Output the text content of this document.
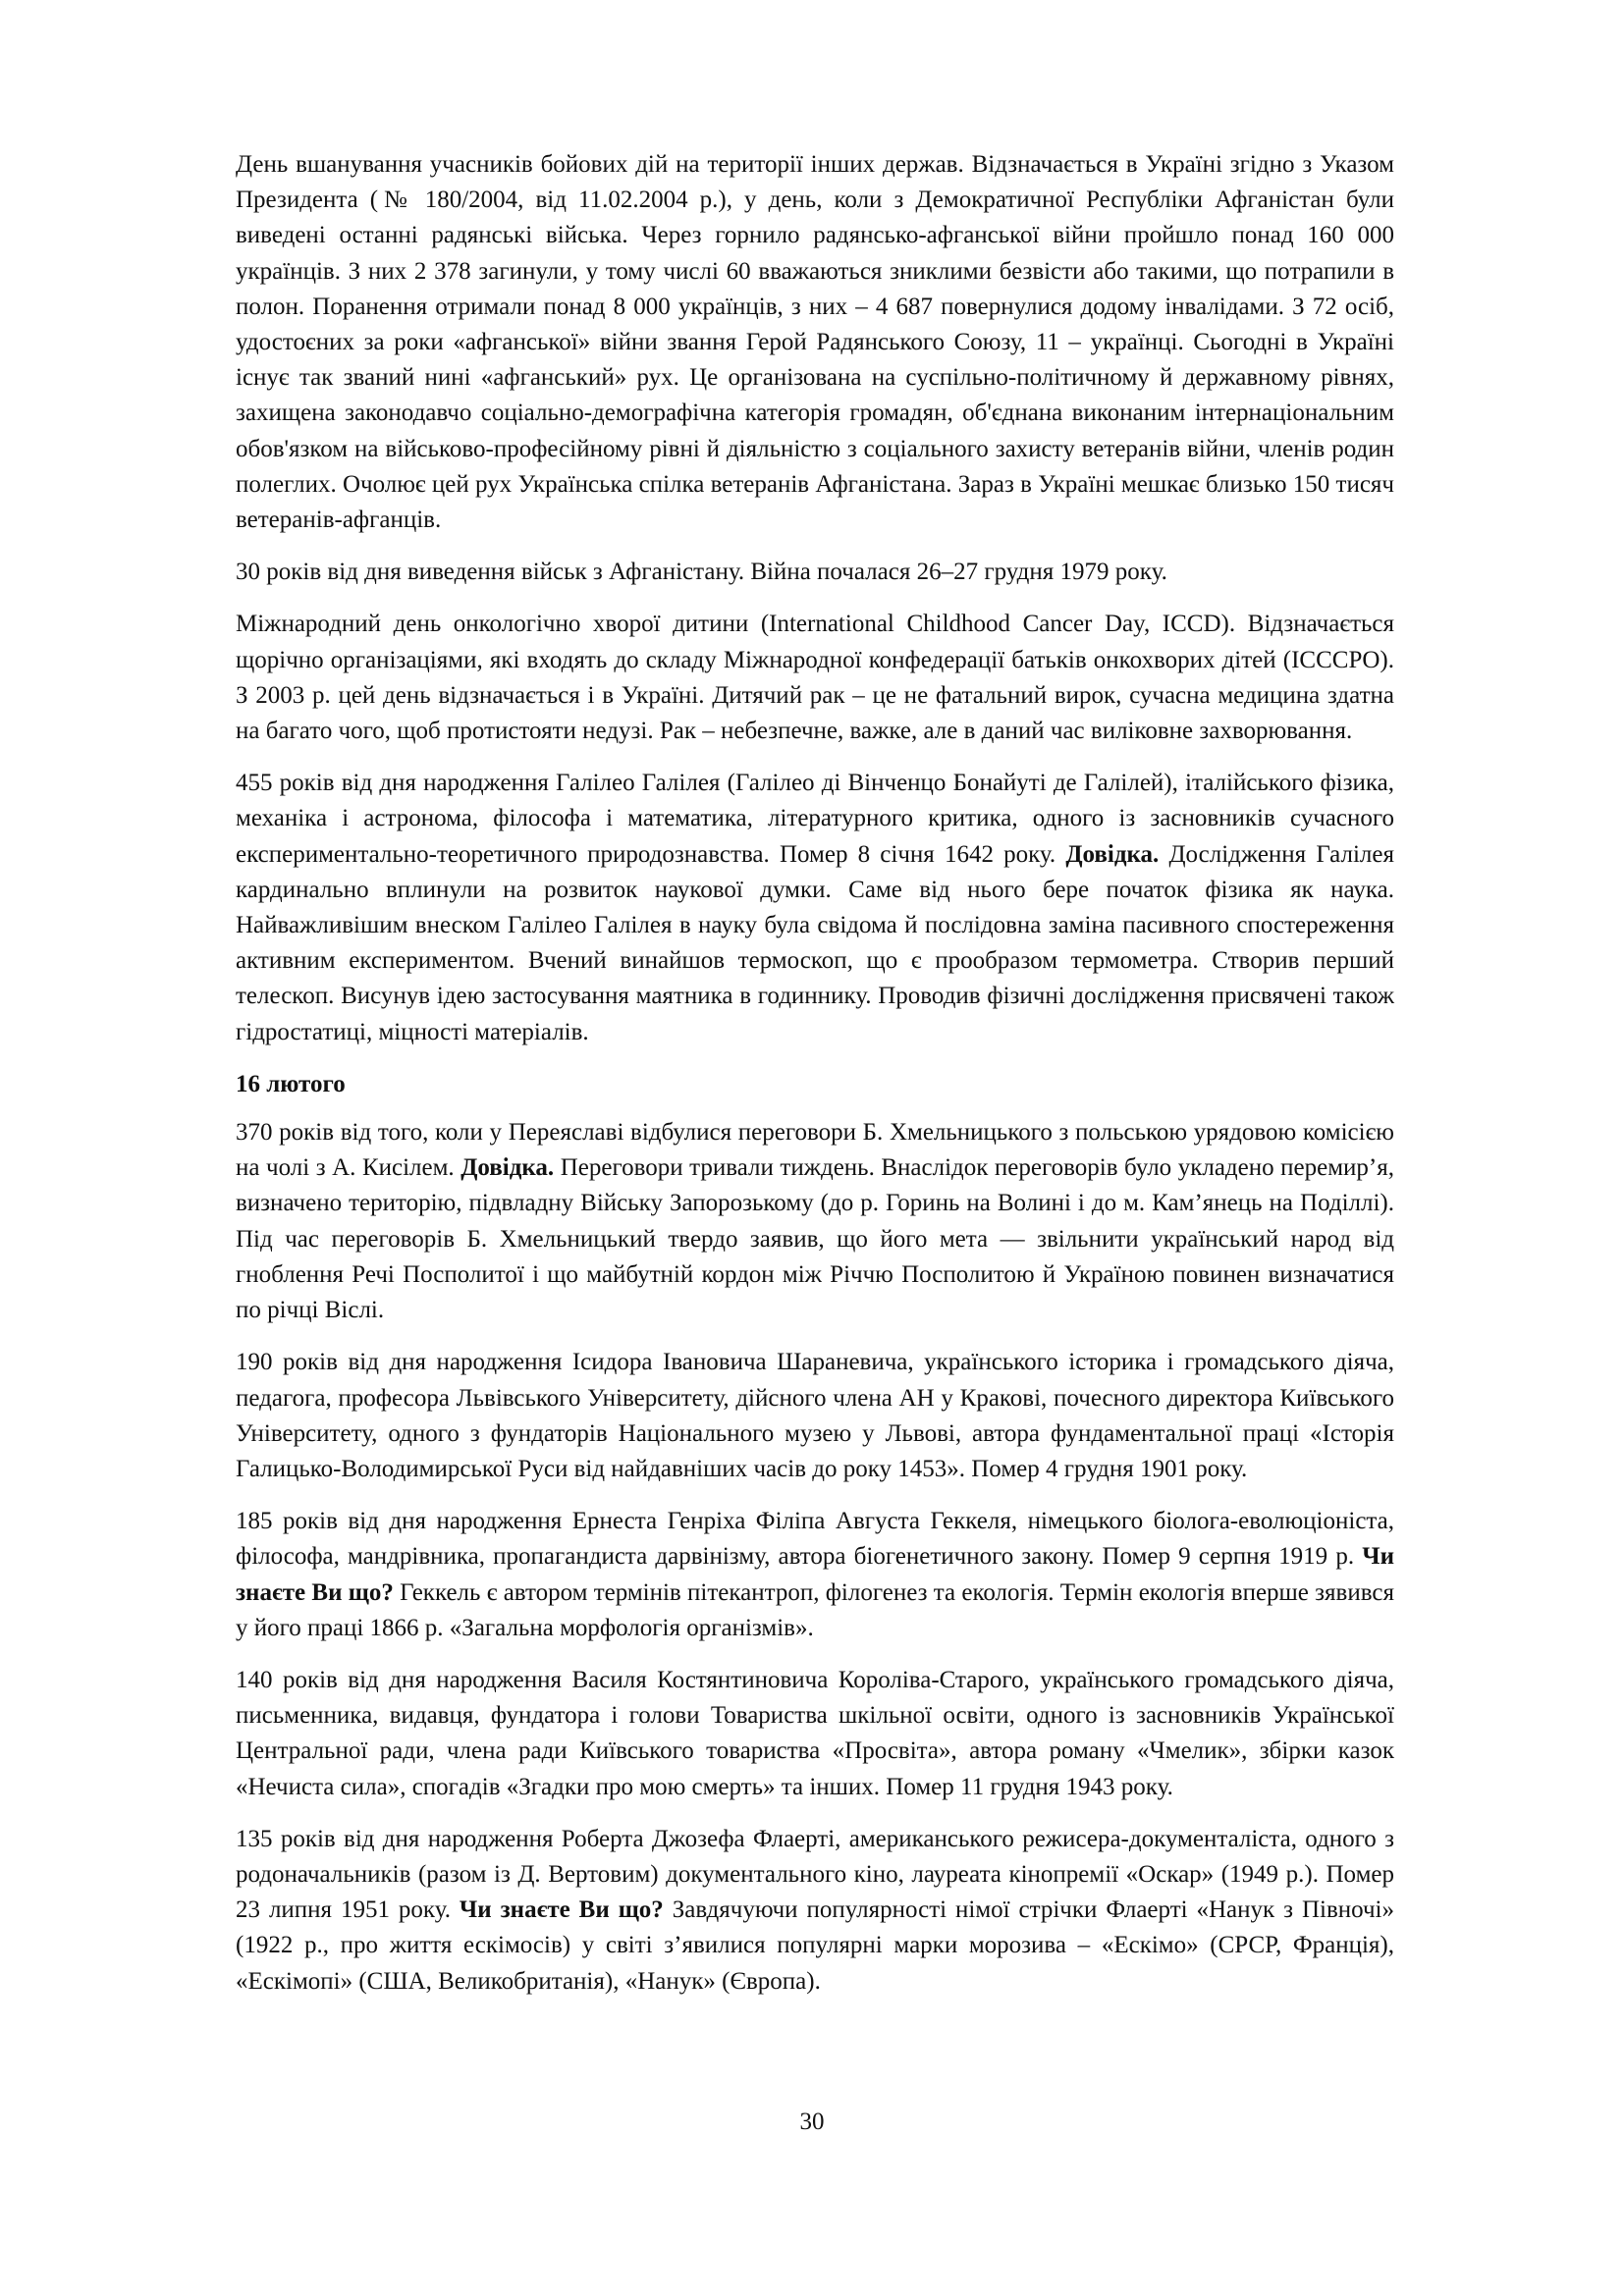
День вшанування учасників бойових дій на території інших держав. Відзначається в Україні згідно з Указом Президента (№ 180/2004, від 11.02.2004 р.), у день, коли з Демократичної Республіки Афганістан були виведені останні радянські війська. Через горнило радянсько-афганської війни пройшло понад 160 000 українців. З них 2 378 загинули, у тому числі 60 вважаються зниклими безвісти або такими, що потрапили в полон. Поранення отримали понад 8 000 українців, з них – 4 687 повернулися додому інвалідами. З 72 осіб, удостоєних за роки «афганської» війни звання Герой Радянського Союзу, 11 – українці. Сьогодні в Україні існує так званий нині «афганський» рух. Це організована на суспільно-політичному й державному рівнях, захищена законодавчо соціально-демографічна категорія громадян, об'єднана виконаним інтернаціональним обов'язком на військово-професійному рівні й діяльністю з соціального захисту ветеранів війни, членів родин полеглих. Очолює цей рух Українська спілка ветеранів Афганістана. Зараз в Україні мешкає близько 150 тисяч ветеранів-афганців.

30 років від дня виведення військ з Афганістану. Війна почалася 26–27 грудня 1979 року.

Міжнародний день онкологічно хворої дитини (International Childhood Cancer Day, ICCD). Відзначається щорічно організаціями, які входять до складу Міжнародної конфедерації батьків онкохворих дітей (ICCCPO). З 2003 р. цей день відзначається і в Україні. Дитячий рак – це не фатальний вирок, сучасна медицина здатна на багато чого, щоб протистояти недузі. Рак – небезпечне, важке, але в даний час виліковне захворювання.

455 років від дня народження Галілео Галілея (Галілео ді Вінченцо Бонайуті де Галілей), італійського фізика, механіка і астронома, філософа і математика, літературного критика, одного із засновників сучасного експериментально-теоретичного природознавства. Помер 8 січня 1642 року. Довідка. Дослідження Галілея кардинально вплинули на розвиток наукової думки. Саме від нього бере початок фізика як наука. Найважливішим внеском Галілео Галілея в науку була свідома й послідовна заміна пасивного спостереження активним експериментом. Вчений винайшов термоскоп, що є прообразом термометра. Створив перший телескоп. Висунув ідею застосування маятника в годиннику. Проводив фізичні дослідження присвячені також гідростатиці, міцності матеріалів.

16 лютого

370 років від того, коли у Переяславі відбулися переговори Б. Хмельницького з польською урядовою комісією на чолі з А. Кисілем. Довідка. Переговори тривали тиждень. Внаслідок переговорів було укладено перемир’я, визначено територію, підвладну Війську Запорозькому (до р. Горинь на Волині і до м. Кам’янець на Поділлі). Під час переговорів Б. Хмельницький твердо заявив, що його мета — звільнити український народ від гноблення Речі Посполитої і що майбутній кордон між Річчю Посполитою й Україною повинен визначатися по річці Віслі.

190 років від дня народження Ісидора Івановича Шараневича, українського історика і громадського діяча, педагога, професора Львівського Університету, дійсного члена АН у Кракові, почесного директора Київського Університету, одного з фундаторів Національного музею у Львові, автора фундаментальної праці «Історія Галицько-Володимирської Руси від найдавніших часів до року 1453». Помер 4 грудня 1901 року.

185 років від дня народження Ернеста Генріха Філіпа Августа Геккеля, німецького біолога-еволюціоніста, філософа, мандрівника, пропагандиста дарвінізму, автора біогенетичного закону. Помер 9 серпня 1919 р. Чи знаєте Ви що? Геккель є автором термінів пітекантроп, філогенез та екологія. Термін екологія вперше зявився у його праці 1866 р. «Загальна морфологія організмів».

140 років від дня народження Василя Костянтиновича Королiва-Старого, українського громадського діяча, письменника, видавця, фундатора і голови Товариства шкільної освіти, одного із засновників Української Центральної ради, члена ради Київського товариства «Просвіта», автора роману «Чмелик», збірки казок «Нечиста сила», спогадів «Згадки про мою смерть» та інших. Помер 11 грудня 1943 року.

135 років від дня народження Роберта Джозефа Флаерті, американського режисера-документаліста, одного з родоначальників (разом із Д. Вертовим) документального кіно, лауреата кінопремії «Оскар» (1949 р.). Помер 23 липня 1951 року. Чи знаєте Ви що? Завдячуючи популярності німої стрічки Флаерті «Нанук з Півночі» (1922 р., про життя ескімосів) у світі з’явилися популярні марки морозива – «Ескімо» (СРСР, Франція), «Ескімопі» (США, Великобританія), «Нанук» (Європа).

30
